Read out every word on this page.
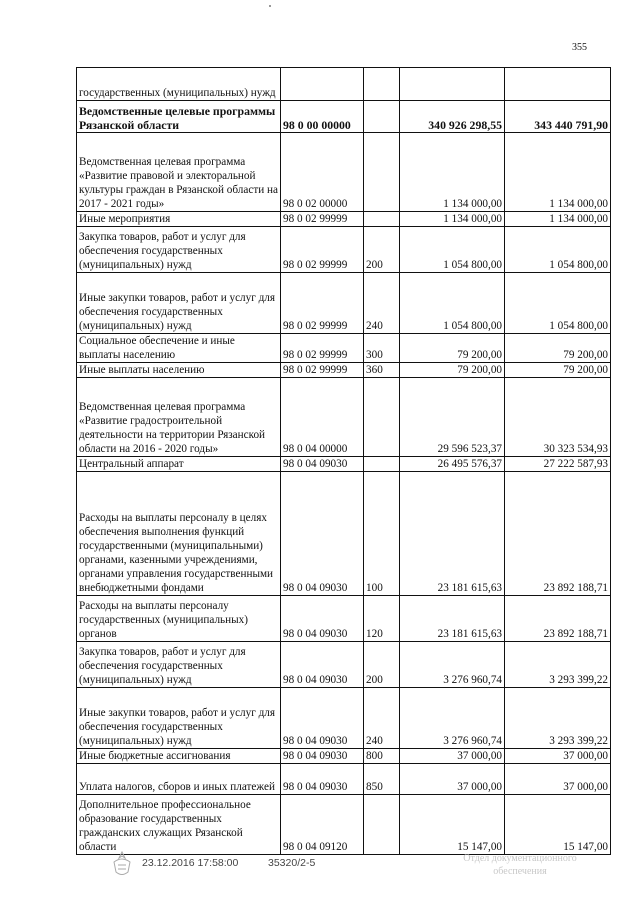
355
государственных (муниципальных) нужд				
Ведомственные целевые программы Рязанской области	98 0 00 00000		340 926 298,55	343 440 791,90
Ведомственная целевая программа «Развитие правовой и электоральной культуры граждан в Рязанской области на 2017 - 2021 годы»	98 0 02 00000		1 134 000,00	1 134 000,00
Иные мероприятия	98 0 02 99999		1 134 000,00	1 134 000,00
Закупка товаров, работ и услуг для обеспечения государственных (муниципальных) нужд	98 0 02 99999	200	1 054 800,00	1 054 800,00
Иные закупки товаров, работ и услуг для обеспечения государственных (муниципальных) нужд	98 0 02 99999	240	1 054 800,00	1 054 800,00
Социальное обеспечение и иные выплаты населению	98 0 02 99999	300	79 200,00	79 200,00
Иные выплаты населению	98 0 02 99999	360	79 200,00	79 200,00
Ведомственная целевая программа «Развитие градостроительной деятельности на территории Рязанской области на 2016 - 2020 годы»	98 0 04 00000		29 596 523,37	30 323 534,93
Центральный аппарат	98 0 04 09030		26 495 576,37	27 222 587,93
Расходы на выплаты персоналу в целях обеспечения выполнения функций государственными (муниципальными) органами, казенными учреждениями, органами управления государственными внебюджетными фондами	98 0 04 09030	100	23 181 615,63	23 892 188,71
Расходы на выплаты персоналу государственных (муниципальных) органов	98 0 04 09030	120	23 181 615,63	23 892 188,71
Закупка товаров, работ и услуг для обеспечения государственных (муниципальных) нужд	98 0 04 09030	200	3 276 960,74	3 293 399,22
Иные закупки товаров, работ и услуг для обеспечения государственных (муниципальных) нужд	98 0 04 09030	240	3 276 960,74	3 293 399,22
Иные бюджетные ассигнования	98 0 04 09030	800	37 000,00	37 000,00
Уплата налогов, сборов и иных платежей	98 0 04 09030	850	37 000,00	37 000,00
Дополнительное профессиональное образование государственных гражданских служащих Рязанской области	98 0 04 09120		15 147,00	15 147,00
23.12.2016 17:58:00	35320/2-5	Отдел документационного обеспечения
